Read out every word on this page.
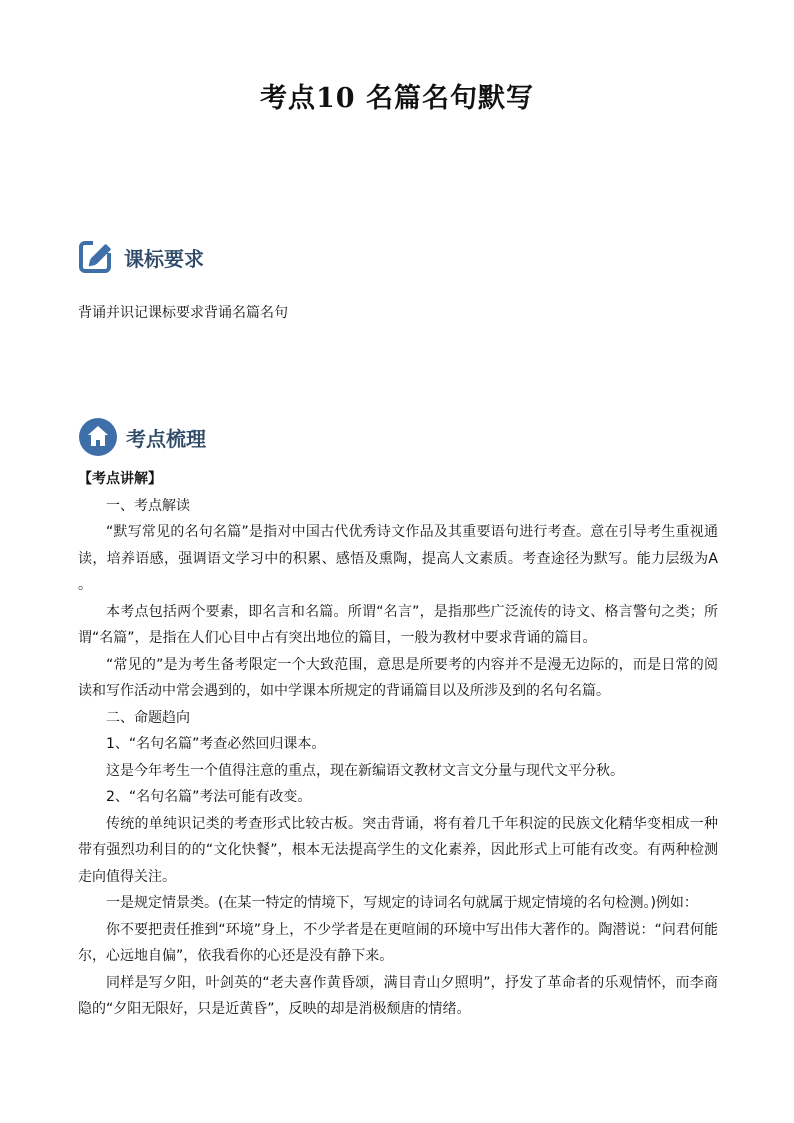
考点10 名篇名句默写
课标要求
背诵并识记课标要求背诵名篇名句
考点梳理

【考点讲解】

一、考点解读

“默写常见的名句名篇”是指对中国古代优秀诗文作品及其重要语句进行考查。意在引导考生重视通读，培养语感，强调语文学习中的积累、感悟及熏陶，提高人文素质。考查途径为默写。能力层级为A 。

本考点包括两个要素，即名言和名篇。所谓“名言”，是指那些广泛流传的诗文、格言警句之类；所谓“名篇”，是指在人们心目中占有突出地位的篇目，一般为教材中要求背诵的篇目。

“常见的”是为考生备考限定一个大致范围，意思是所要考的内容并不是漫无边际的，而是日常的阅读和写作活动中常会遇到的，如中学课本所规定的背诵篇目以及所涉及到的名句名篇。

二、命题趋向

1、“名句名篇”考查必然回归课本。

这是今年考生一个值得注意的重点，现在新编语文教材文言文分量与现代文平分秋。

2、“名句名篇”考法可能有改变。

传统的单纯识记类的考查形式比较古板。突击背诵，将有着几千年积淀的民族文化精华变相成一种带有强烈功利目的的“文化快餐”，根本无法提高学生的文化素养，因此形式上可能有改变。有两种检测走向值得关注。

一是规定情景类。(在某一特定的情境下，写规定的诗词名句就属于规定情境的名句检测。)例如：

你不要把责任推到“环境”身上，不少学者是在更喧闹的环境中写出伟大著作的。陶潜说：“问君何能尔，心远地自偏”，依我看你的心还是没有静下来。

同样是写夕阳，叶剑英的“老夫喜作黄昏颂，满目青山夕照明”，抒发了革命者的乐观情怀，而李商隐的“夕阳无限好，只是近黄昏”，反映的却是消极颓唐的情绪。
